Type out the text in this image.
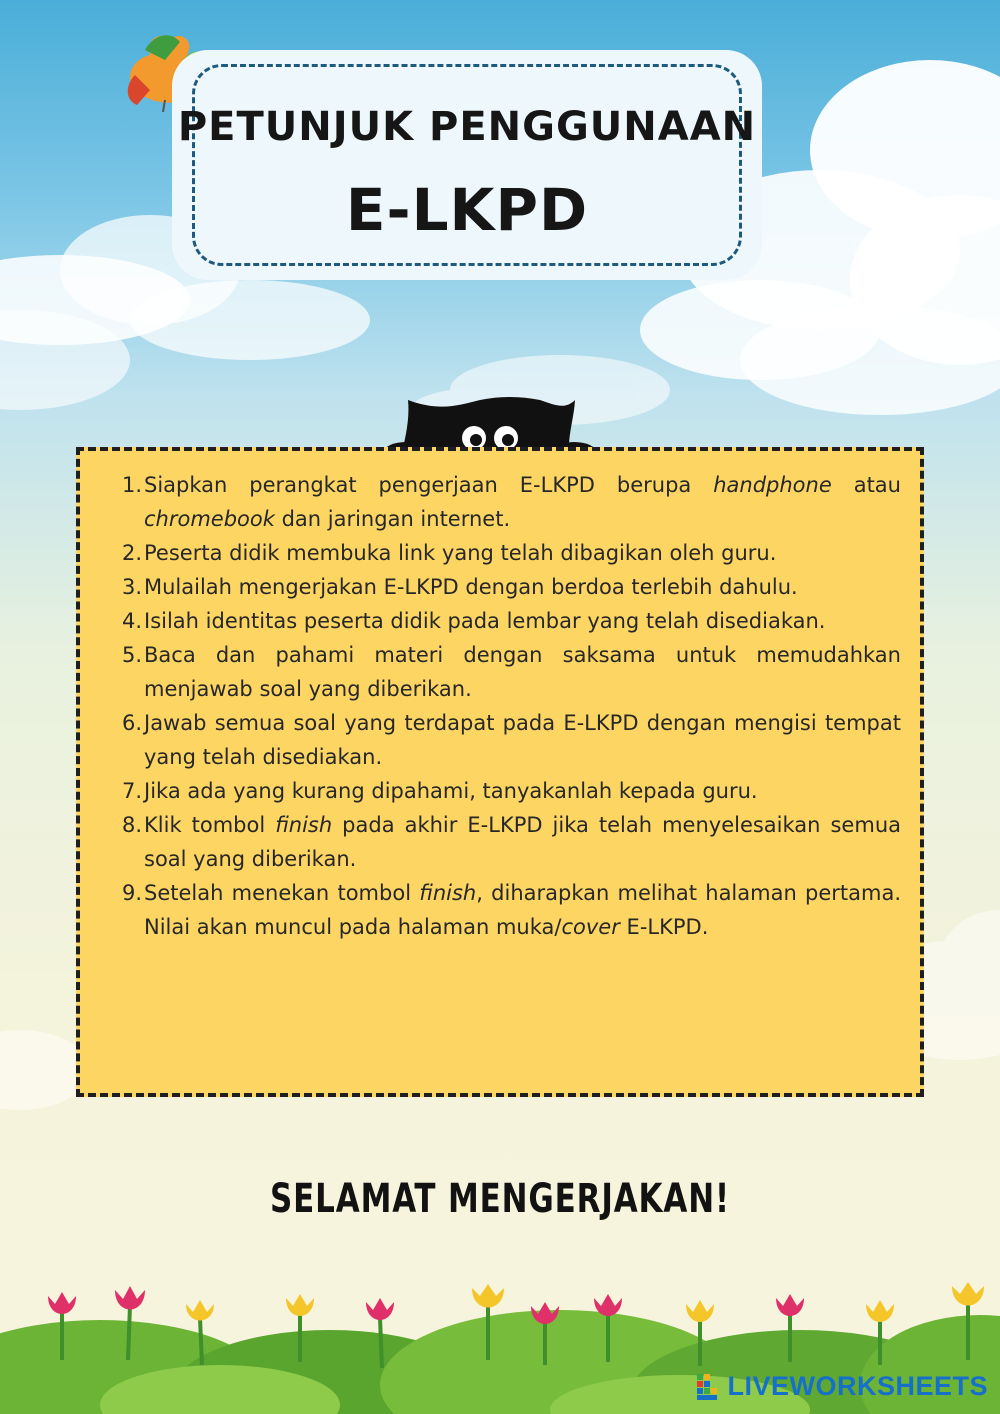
PETUNJUK PENGGUNAAN
E-LKPD
1. Siapkan perangkat pengerjaan E-LKPD berupa handphone atau chromebook dan jaringan internet.
2. Peserta didik membuka link yang telah dibagikan oleh guru.
3. Mulailah mengerjakan E-LKPD dengan berdoa terlebih dahulu.
4. Isilah identitas peserta didik pada lembar yang telah disediakan.
5. Baca dan pahami materi dengan saksama untuk memudahkan menjawab soal yang diberikan.
6. Jawab semua soal yang terdapat pada E-LKPD dengan mengisi tempat yang telah disediakan.
7. Jika ada yang kurang dipahami, tanyakanlah kepada guru.
8. Klik tombol finish pada akhir E-LKPD jika telah menyelesaikan semua soal yang diberikan.
9. Setelah menekan tombol finish, diharapkan melihat halaman pertama. Nilai akan muncul pada halaman muka/cover E-LKPD.
SELAMAT MENGERJAKAN!
LIVEWORKSHEETS
